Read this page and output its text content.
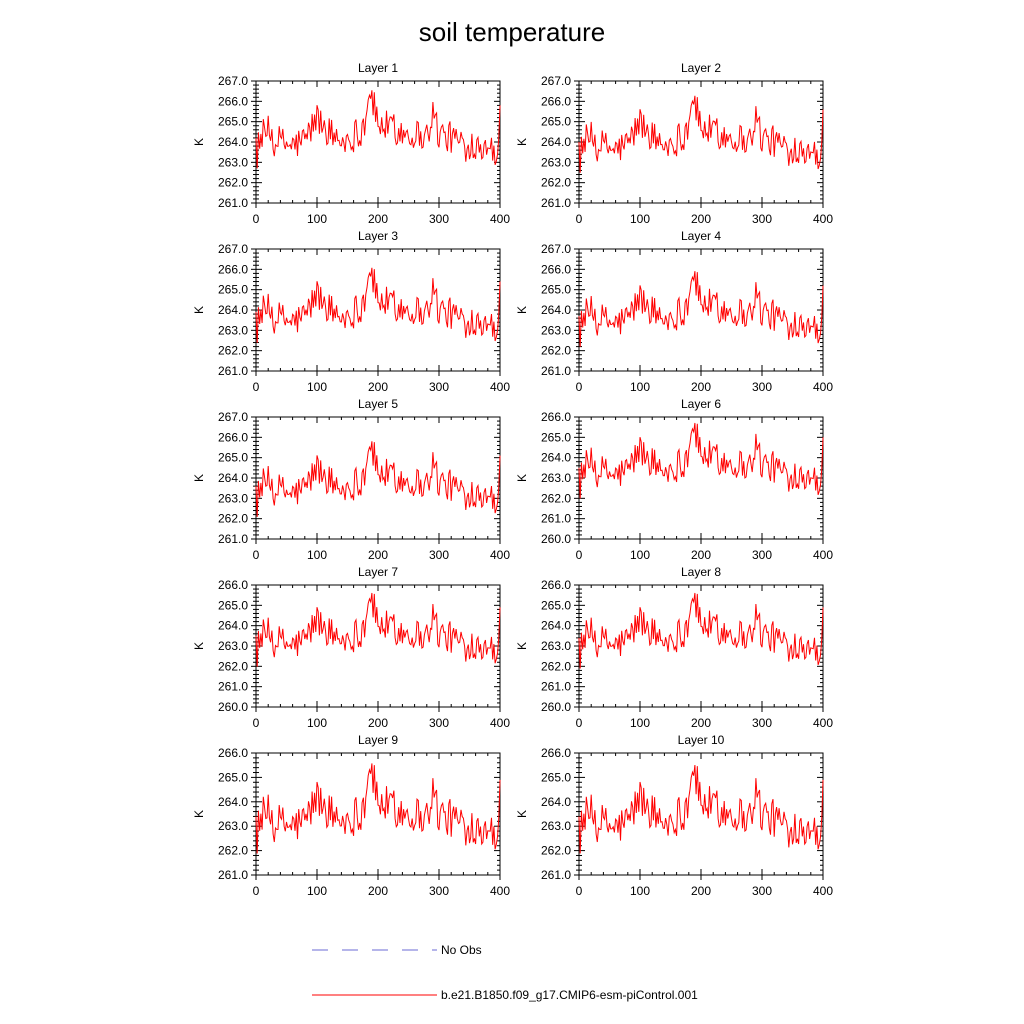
soil temperature
Layer 1
K
261.0
262.0
263.0
264.0
265.0
266.0
267.0
0	100	200	300	400
Layer 2
K
261.0
262.0
263.0
264.0
265.0
266.0
267.0
0	100	200	300	400
Layer 3
K
261.0
262.0
263.0
264.0
265.0
266.0
267.0
0	100	200	300	400
Layer 4
K
261.0
262.0
263.0
264.0
265.0
266.0
267.0
0	100	200	300	400
Layer 5
K
261.0
262.0
263.0
264.0
265.0
266.0
267.0
0	100	200	300	400
Layer 6
K
260.0
261.0
262.0
263.0
264.0
265.0
266.0
0	100	200	300	400
Layer 7
K
260.0
261.0
262.0
263.0
264.0
265.0
266.0
0	100	200	300	400
Layer 8
K
260.0
261.0
262.0
263.0
264.0
265.0
266.0
0	100	200	300	400
Layer 9
K
261.0
262.0
263.0
264.0
265.0
266.0
0	100	200	300	400
Layer 10
K
261.0
262.0
263.0
264.0
265.0
266.0
0	100	200	300	400
No Obs
b.e21.B1850.f09_g17.CMIP6-esm-piControl.001
